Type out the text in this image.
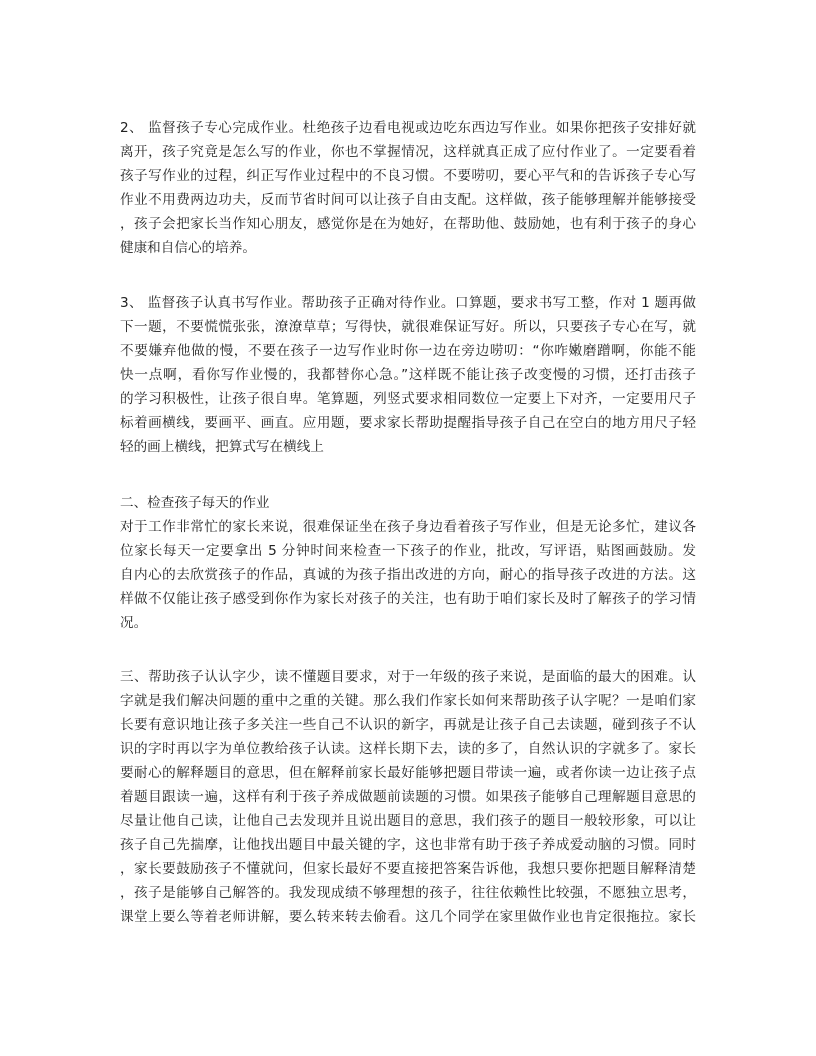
2、 监督孩子专心完成作业。杜绝孩子边看电视或边吃东西边写作业。如果你把孩子安排好就
离开，孩子究竟是怎么写的作业，你也不掌握情况，这样就真正成了应付作业了。一定要看着
孩子写作业的过程，纠正写作业过程中的不良习惯。不要唠叨，要心平气和的告诉孩子专心写
作业不用费两边功夫，反而节省时间可以让孩子自由支配。这样做，孩子能够理解并能够接受
，孩子会把家长当作知心朋友，感觉你是在为她好，在帮助他、鼓励她，也有利于孩子的身心
健康和自信心的培养。
3、 监督孩子认真书写作业。帮助孩子正确对待作业。口算题，要求书写工整，作对 1 题再做
下一题，不要慌慌张张，潦潦草草；写得快，就很难保证写好。所以，只要孩子专心在写，就
不要嫌弃他做的慢，不要在孩子一边写作业时你一边在旁边唠叨：“你咋嫩磨蹭啊，你能不能
快一点啊，看你写作业慢的，我都替你心急。”这样既不能让孩子改变慢的习惯，还打击孩子
的学习积极性，让孩子很自卑。笔算题，列竖式要求相同数位一定要上下对齐，一定要用尺子
标着画横线，要画平、画直。应用题，要求家长帮助提醒指导孩子自己在空白的地方用尺子轻
轻的画上横线，把算式写在横线上
二、检查孩子每天的作业
对于工作非常忙的家长来说，很难保证坐在孩子身边看着孩子写作业，但是无论多忙，建议各
位家长每天一定要拿出 5 分钟时间来检查一下孩子的作业，批改，写评语，贴图画鼓励。发
自内心的去欣赏孩子的作品，真诚的为孩子指出改进的方向，耐心的指导孩子改进的方法。这
样做不仅能让孩子感受到你作为家长对孩子的关注，也有助于咱们家长及时了解孩子的学习情
况。
三、帮助孩子认认字少，读不懂题目要求，对于一年级的孩子来说，是面临的最大的困难。认
字就是我们解决问题的重中之重的关键。那么我们作家长如何来帮助孩子认字呢？一是咱们家
长要有意识地让孩子多关注一些自己不认识的新字，再就是让孩子自己去读题，碰到孩子不认
识的字时再以字为单位教给孩子认读。这样长期下去，读的多了，自然认识的字就多了。家长
要耐心的解释题目的意思，但在解释前家长最好能够把题目带读一遍，或者你读一边让孩子点
着题目跟读一遍，这样有利于孩子养成做题前读题的习惯。如果孩子能够自己理解题目意思的
尽量让他自己读，让他自己去发现并且说出题目的意思，我们孩子的题目一般较形象，可以让
孩子自己先揣摩，让他找出题目中最关键的字，这也非常有助于孩子养成爱动脑的习惯。同时
，家长要鼓励孩子不懂就问，但家长最好不要直接把答案告诉他，我想只要你把题目解释清楚
，孩子是能够自己解答的。我发现成绩不够理想的孩子，往往依赖性比较强，不愿独立思考，
课堂上要么等着老师讲解，要么转来转去偷看。这几个同学在家里做作业也肯定很拖拉。家长
